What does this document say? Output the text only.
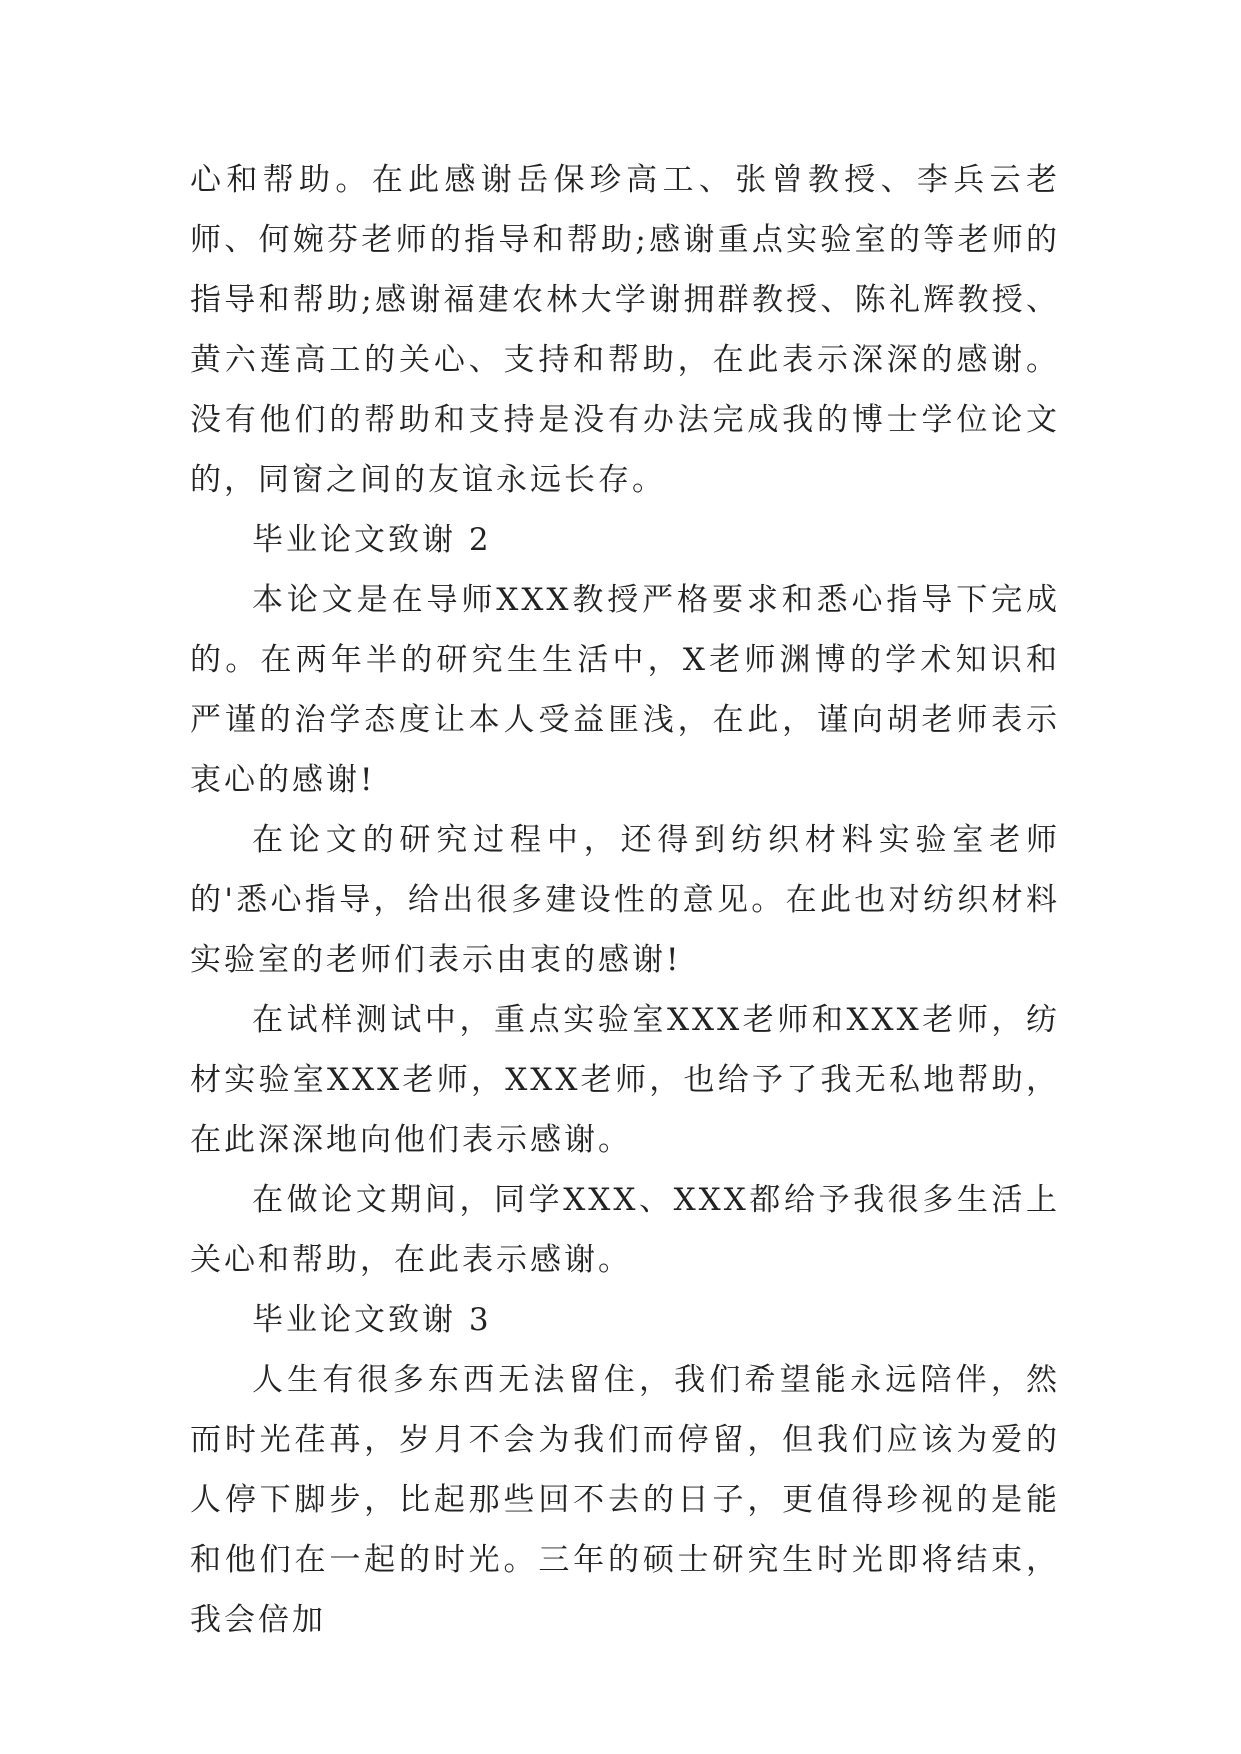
心和帮助。在此感谢岳保珍高工、张曾教授、李兵云老师、何婉芬老师的指导和帮助;感谢重点实验室的等老师的指导和帮助;感谢福建农林大学谢拥群教授、陈礼辉教授、黄六莲高工的关心、支持和帮助，在此表示深深的感谢。没有他们的帮助和支持是没有办法完成我的博士学位论文的，同窗之间的友谊永远长存。

毕业论文致谢 2

本论文是在导师XXX教授严格要求和悉心指导下完成的。在两年半的研究生生活中，X老师渊博的学术知识和严谨的治学态度让本人受益匪浅，在此，谨向胡老师表示衷心的感谢!

在论文的研究过程中，还得到纺织材料实验室老师的'悉心指导，给出很多建设性的意见。在此也对纺织材料实验室的老师们表示由衷的感谢!

在试样测试中，重点实验室XXX老师和XXX老师，纺材实验室XXX老师，XXX老师，也给予了我无私地帮助，在此深深地向他们表示感谢。

在做论文期间，同学XXX、XXX都给予我很多生活上关心和帮助，在此表示感谢。

毕业论文致谢 3

人生有很多东西无法留住，我们希望能永远陪伴，然而时光荏苒，岁月不会为我们而停留，但我们应该为爱的人停下脚步，比起那些回不去的日子，更值得珍视的是能和他们在一起的时光。三年的硕士研究生时光即将结束，我会倍加
